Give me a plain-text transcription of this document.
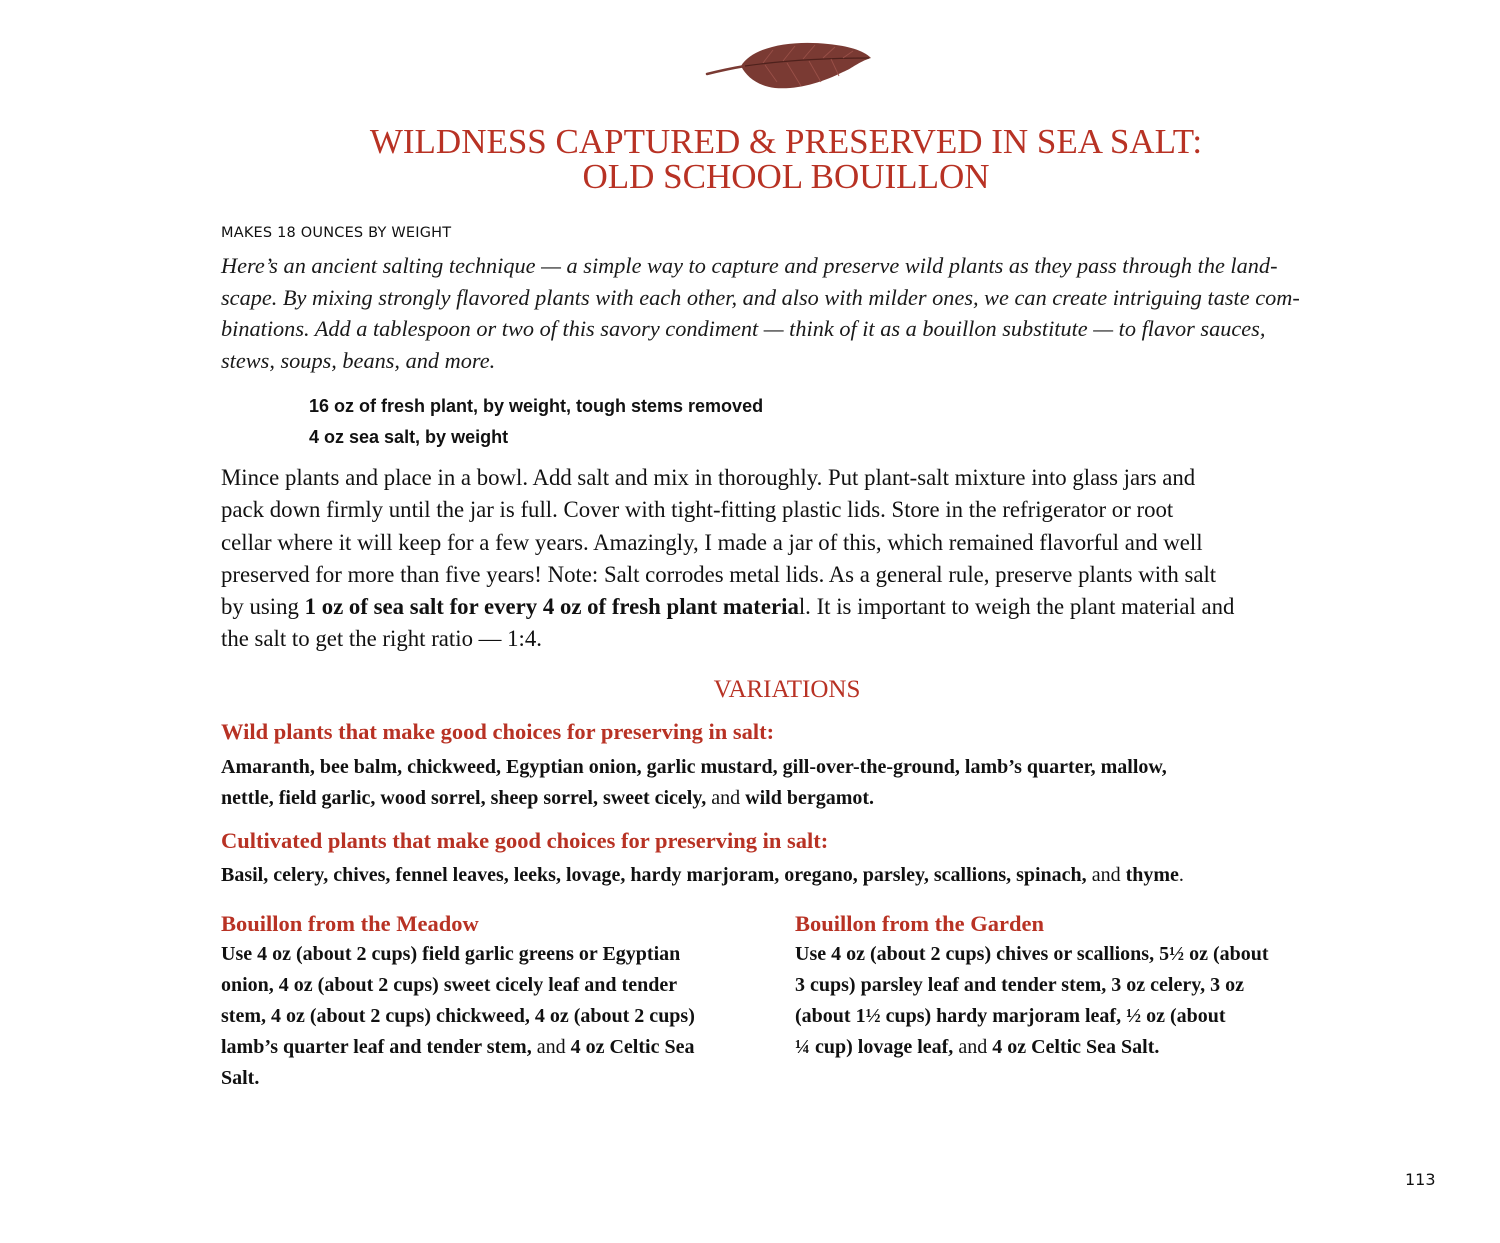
WILDNESS CAPTURED & PRESERVED IN SEA SALT:
OLD SCHOOL BOUILLON
MAKES 18 OUNCES BY WEIGHT
Here’s an ancient salting technique — a simple way to capture and preserve wild plants as they pass through the land-
scape. By mixing strongly flavored plants with each other, and also with milder ones, we can create intriguing taste com-
binations. Add a tablespoon or two of this savory condiment — think of it as a bouillon substitute — to flavor sauces,
stews, soups, beans, and more.
16 oz of fresh plant, by weight, tough stems removed
4 oz sea salt, by weight
Mince plants and place in a bowl. Add salt and mix in thoroughly. Put plant-salt mixture into glass jars and
pack down firmly until the jar is full. Cover with tight-fitting plastic lids. Store in the refrigerator or root
cellar where it will keep for a few years. Amazingly, I made a jar of this, which remained flavorful and well
preserved for more than five years! Note: Salt corrodes metal lids. As a general rule, preserve plants with salt
by using 1 oz of sea salt for every 4 oz of fresh plant material. It is important to weigh the plant material and
the salt to get the right ratio — 1:4.
VARIATIONS
Wild plants that make good choices for preserving in salt:
Amaranth, bee balm, chickweed, Egyptian onion, garlic mustard, gill-over-the-ground, lamb’s quarter, mallow,
nettle, field garlic, wood sorrel, sheep sorrel, sweet cicely, and wild bergamot.
Cultivated plants that make good choices for preserving in salt:
Basil, celery, chives, fennel leaves, leeks, lovage, hardy marjoram, oregano, parsley, scallions, spinach, and thyme.
Bouillon from the Meadow
Use 4 oz (about 2 cups) field garlic greens or Egyptian
onion, 4 oz (about 2 cups) sweet cicely leaf and tender
stem, 4 oz (about 2 cups) chickweed, 4 oz (about 2 cups)
lamb’s quarter leaf and tender stem, and 4 oz Celtic Sea
Salt.
Bouillon from the Garden
Use 4 oz (about 2 cups) chives or scallions, 5½ oz (about
3 cups) parsley leaf and tender stem, 3 oz celery, 3 oz
(about 1½ cups) hardy marjoram leaf, ½ oz (about
¼ cup) lovage leaf, and 4 oz Celtic Sea Salt.
113
